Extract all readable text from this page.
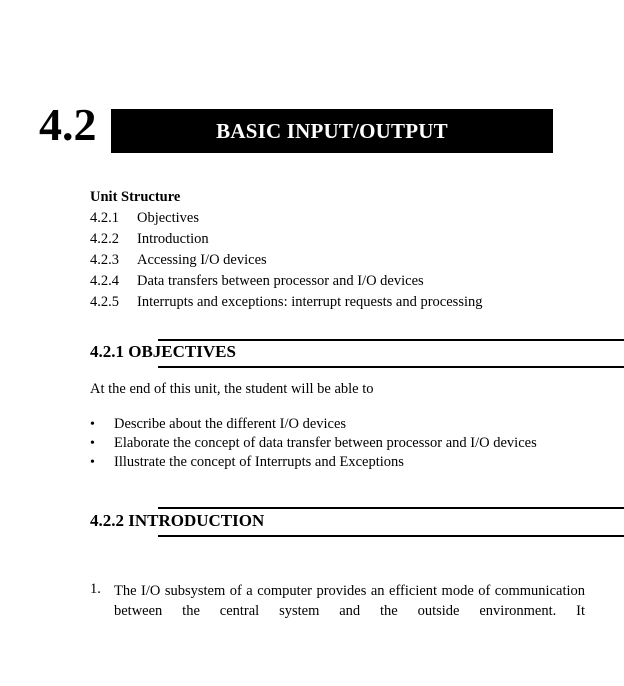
4.2	BASIC INPUT/OUTPUT
Unit Structure
4.2.1	Objectives
4.2.2	Introduction
4.2.3	Accessing I/O devices
4.2.4	Data transfers between processor and I/O devices
4.2.5	Interrupts and exceptions: interrupt requests and processing
4.2.1 OBJECTIVES
At the end of this unit, the student will be able to
• Describe about the different I/O devices
• Elaborate the concept of data transfer between processor and I/O devices
• Illustrate the concept of Interrupts and Exceptions
4.2.2 INTRODUCTION
1. The I/O subsystem of a computer provides an efficient mode of communication between the central system and the outside environment. It
